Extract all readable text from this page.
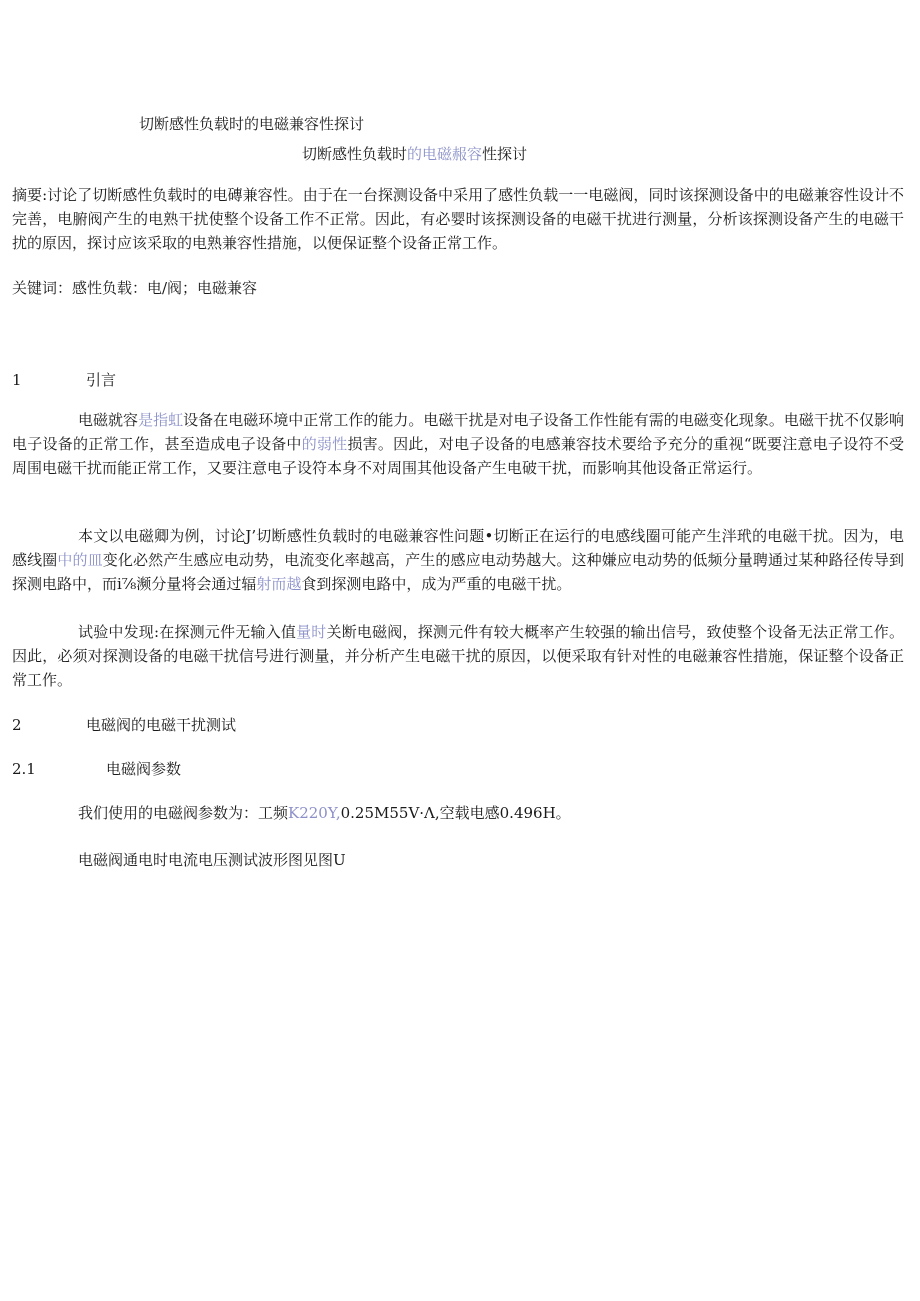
切断感性负载时的电磁兼容性探讨
切断感性负载时的电磁赧容性探讨
摘要:讨论了切断感性负载时的电磚兼容性。由于在一台探测设备中采用了感性负载一一电磁阀，同时该探测设备中的电磁兼容性设计不完善，电腑阀产生的电熟干扰使整个设备工作不正常。因此，有必婴时该探测设备的电磁干扰进行测量，分析该探测设备产生的电磁干扰的原因，探讨应该采取的电熟兼容性措施，以便保证整个设备正常工作。
关键词：感性负载：电/阀；电磁兼容
1	引言
电磁就容是指虹设备在电磁环境中正常工作的能力。电磁干扰是对电子设备工作性能有需的电磁变化现象。电磁干扰不仅影响电子设备的正常工作，甚至造成电子设备中的弱性损害。因此，对电子设备的电感兼容技术要给予充分的重视“既要注意电子设符不受周围电磁干扰而能正常工作，又要注意电子设符本身不对周围其他设备产生电破干扰，而影响其他设备正常运行。
本文以电磁卿为例，讨论J’切断感性负载时的电磁兼容性问题•切断正在运行的电感线圈可能产生泮玳的电磁干扰。因为，电感线圈中的皿变化必然产生感应电动势，电流变化率越高，产生的感应电动势越大。这种嫌应电动势的低频分量聘通过某种路径传导到探测电路中，而i⅞濒分量将会通过辐射而越食到探测电路中，成为严重的电磁干扰。
试验中发现:在探测元件无输入值量时关断电磁阀，探测元件有较大概率产生较强的输出信号，致使整个设备无法正常工作。因此，必须对探测设备的电磁干扰信号进行测量，并分析产生电磁干扰的原因，以便采取有针对性的电磁兼容性措施，保证整个设备正常工作。
2	电磁阀的电磁干扰测试
2.1	电磁阀参数
我们使用的电磁阀参数为：工频K220Y,0.25M55V·Λ,空载电感0.496H。
电磁阀通电时电流电压测试波形图见图U
